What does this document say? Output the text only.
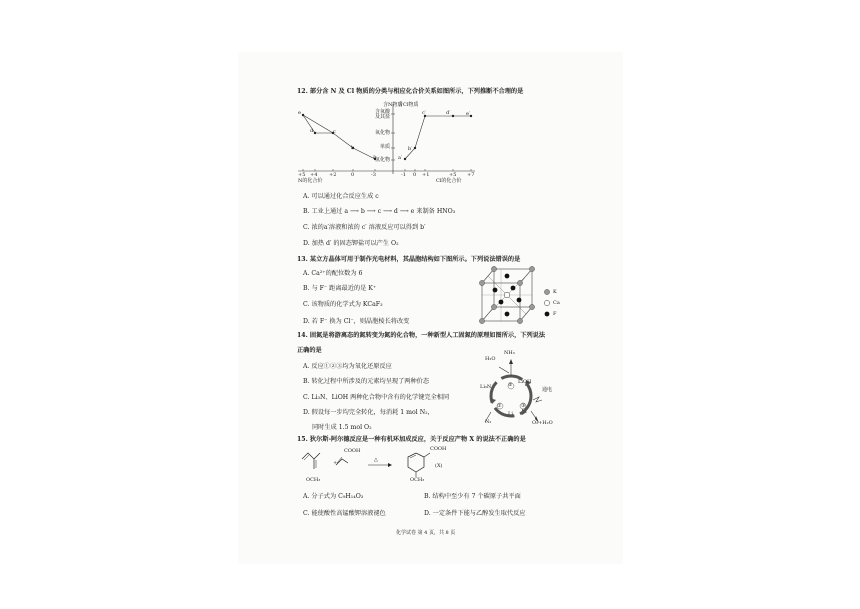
12. 部分含 N 及 Cl 物质的分类与相应化合价关系如图所示，下列推断不合理的是
含N物质
含Cl物质
含氧酸及其盐
氧化物
单质
氢化物
+5 +4 +2	0	-3	-1 0 +1	+5 +7
N的化合价	Cl的化合价
a
b
c
d
e
a′
b′
c′	d′	e′
A. 可以通过化合反应生成 c
B. 工业上通过 a ⟶ b ⟶ c ⟶ d ⟶ e 来制备 HNO₃
C. 浓的a′溶液和浓的 c′ 溶液反应可以得到 b′
D. 加热 d′ 的固态钾盐可以产生 O₂
13. 某立方晶体可用于制作光电材料，其晶胞结构如下图所示。下列说法错误的是
A. Ca²⁺的配位数为 6
B. 与 F⁻ 距离最近的是 K⁺
C. 该物质的化学式为 KCaF₃
D. 若 F⁻ 换为 Cl⁻，则晶胞棱长将改变
K
Ca
F
14. 固氮是将游离态的氮转变为氮的化合物，一种新型人工固氮的原理如图所示，下列说法
正确的是
A. 反应①②③均为氧化还原反应
B. 转化过程中所涉及的元素均呈现了两种价态
C. Li₃N、LiOH 两种化合物中含有的化学键完全相同
D. 假设每一步均完全转化，每消耗 1 mol N₂，
同时生成 1.5 mol O₂
H₂O
NH₃
Li₃N
LiOH
Li
N₂	O₂+H₂O
通电
②
①	③
15. 狄尔斯-阿尔德反应是一种有机环加成反应，关于反应产物 X 的说法不正确的是
+
COOH
△
COOH
OCH₃	OCH₃
(X)
A. 分子式为 C₉H₁₄O₃	B. 结构中至少有 7 个碳原子共平面
C. 能使酸性高锰酸钾溶液褪色	D. 一定条件下能与乙醇发生取代反应
化学试卷 第 4 页，共 8 页
